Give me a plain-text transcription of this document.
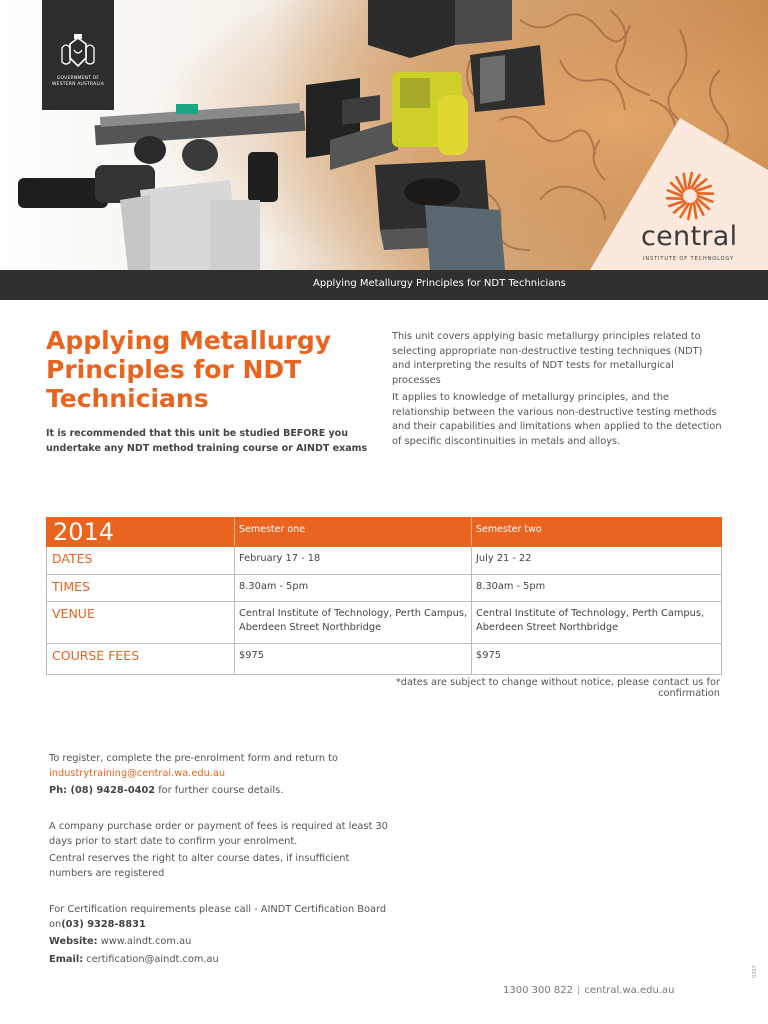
GOVERNMENT OF WESTERN AUSTRALIA
central
INSTITUTE OF TECHNOLOGY
Applying Metallurgy Principles for NDT Technicians
Applying Metallurgy Principles for NDT Technicians
It is recommended that this unit be studied BEFORE you undertake any NDT method training course or AINDT exams

This unit covers applying basic metallurgy principles related to selecting appropriate non-destructive testing techniques (NDT) and interpreting the results of NDT tests for metallurgical processes

It applies to knowledge of metallurgy principles, and the relationship between the various non-destructive testing methods and their capabilities and limitations when applied to the detection of specific discontinuities in metals and alloys.

2014	Semester one	Semester two
DATES	February 17 - 18	July 21 - 22
TIMES	8.30am - 5pm	8.30am - 5pm
VENUE	Central Institute of Technology, Perth Campus, Aberdeen Street Northbridge	Central Institute of Technology, Perth Campus, Aberdeen Street Northbridge
COURSE FEES	$975	$975
*dates are subject to change without notice, please contact us for confirmation

To register, complete the pre-enrolment form and return to

industrytraining@central.wa.edu.au

Ph: (08) 9428-0402 for further course details.

A company purchase order or payment of fees is required at least 30 days prior to start date to confirm your enrolment.

Central reserves the right to alter course dates, if insufficient numbers are registered

For Certification requirements please call - AINDT Certification Board on(03) 9328-8831

Website: www.aindt.com.au

Email: certification@aindt.com.au

1300 300 822 | central.wa.edu.au
0357
